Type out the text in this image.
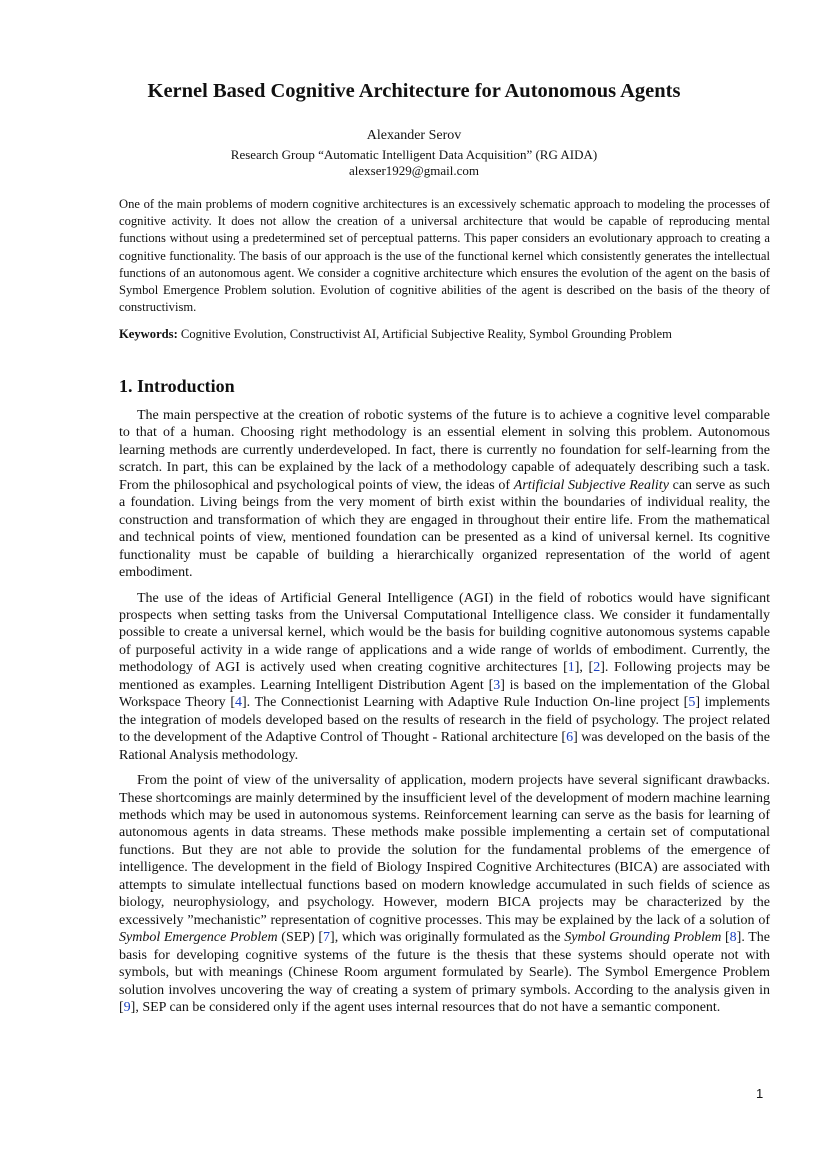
Kernel Based Cognitive Architecture for Autonomous Agents
Alexander Serov
Research Group “Automatic Intelligent Data Acquisition” (RG AIDA)
alexser1929@gmail.com

One of the main problems of modern cognitive architectures is an excessively schematic approach to modeling the processes of cognitive activity. It does not allow the creation of a universal architecture that would be capable of reproducing mental functions without using a predetermined set of perceptual patterns. This paper considers an evolutionary approach to creating a cognitive functionality. The basis of our approach is the use of the functional kernel which consistently generates the intellectual functions of an autonomous agent. We consider a cognitive architecture which ensures the evolution of the agent on the basis of Symbol Emergence Problem solution. Evolution of cognitive abilities of the agent is described on the basis of the theory of constructivism.

Keywords: Cognitive Evolution, Constructivist AI, Artificial Subjective Reality, Symbol Grounding Problem

1. Introduction

The main perspective at the creation of robotic systems of the future is to achieve a cognitive level comparable to that of a human. Choosing right methodology is an essential element in solving this problem. Autonomous learning methods are currently underdeveloped. In fact, there is currently no foundation for self-learning from the scratch. In part, this can be explained by the lack of a methodology capable of adequately describing such a task. From the philosophical and psychological points of view, the ideas of Artificial Subjective Reality can serve as such a foundation. Living beings from the very moment of birth exist within the boundaries of individual reality, the construction and transformation of which they are engaged in throughout their entire life. From the mathematical and technical points of view, mentioned foundation can be presented as a kind of universal kernel. Its cognitive functionality must be capable of building a hierarchically organized representation of the world of agent embodiment.

The use of the ideas of Artificial General Intelligence (AGI) in the field of robotics would have significant prospects when setting tasks from the Universal Computational Intelligence class. We consider it fundamentally possible to create a universal kernel, which would be the basis for building cognitive autonomous systems capable of purposeful activity in a wide range of applications and a wide range of worlds of embodiment. Currently, the methodology of AGI is actively used when creating cognitive architectures [1], [2]. Following projects may be mentioned as examples. Learning Intelligent Distribution Agent [3] is based on the implementation of the Global Workspace Theory [4]. The Connectionist Learning with Adaptive Rule Induction On-line project [5] implements the integration of models developed based on the results of research in the field of psychology. The project related to the development of the Adaptive Control of Thought - Rational architecture [6] was developed on the basis of the Rational Analysis methodology.

From the point of view of the universality of application, modern projects have several significant drawbacks. These shortcomings are mainly determined by the insufficient level of the development of modern machine learning methods which may be used in autonomous systems. Reinforcement learning can serve as the basis for learning of autonomous agents in data streams. These methods make possible implementing a certain set of computational functions. But they are not able to provide the solution for the fundamental problems of the emergence of intelligence. The development in the field of Biology Inspired Cognitive Architectures (BICA) are associated with attempts to simulate intellectual functions based on modern knowledge accumulated in such fields of science as biology, neurophysiology, and psychology. However, modern BICA projects may be characterized by the excessively ”mechanistic” representation of cognitive processes. This may be explained by the lack of a solution of Symbol Emergence Problem (SEP) [7], which was originally formulated as the Symbol Grounding Problem [8]. The basis for developing cognitive systems of the future is the thesis that these systems should operate not with symbols, but with meanings (Chinese Room argument formulated by Searle). The Symbol Emergence Problem solution involves uncovering the way of creating a system of primary symbols. According to the analysis given in [9], SEP can be considered only if the agent uses internal resources that do not have a semantic component.

1
